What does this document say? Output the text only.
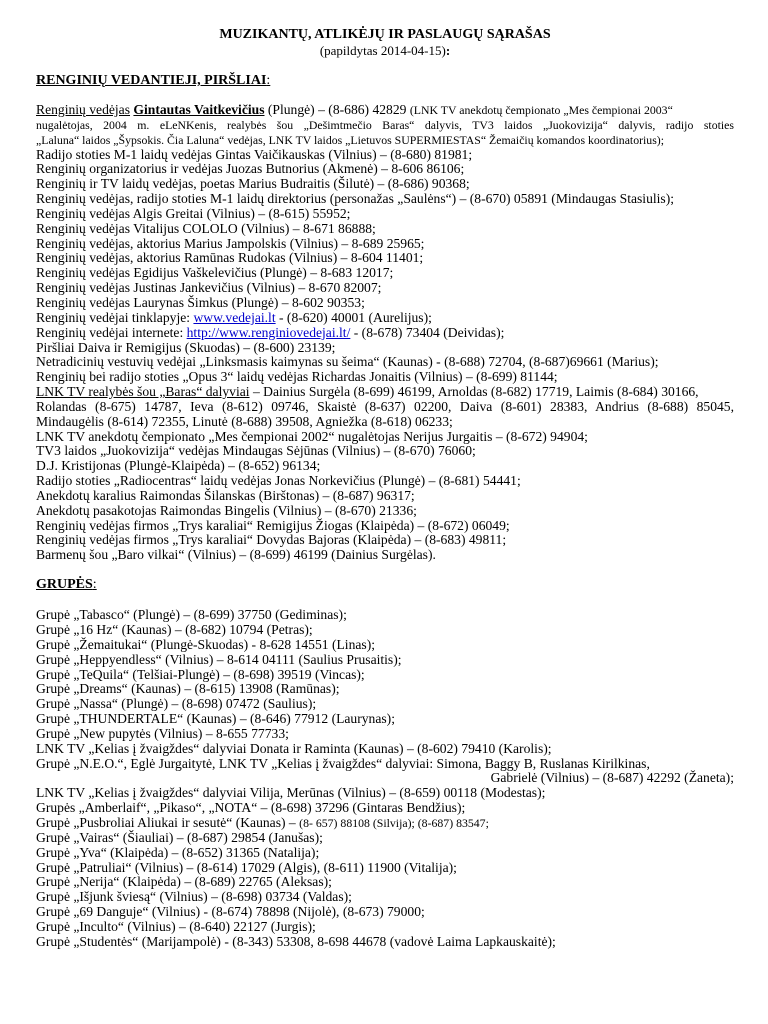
MUZIKANTŲ, ATLIKĖJŲ IR PASLAUGŲ SĄRAŠAS

(papildytas 2014-04-15):

RENGINIŲ VEDANTIEJI, PIRŠLIAI:

Renginių vedėjas Gintautas Vaitkevičius (Plungė) – (8-686) 42829 (LNK TV anekdotų čempionato „Mes čempionai 2003“

nugalėtojas, 2004 m. eLeNKenis, realybės šou „Dešimtmečio Baras“ dalyvis, TV3 laidos „Juokovizija“ dalyvis, radijo stoties

„Laluna“ laidos „Šypsokis. Čia Laluna“ vedėjas, LNK TV laidos „Lietuvos SUPERMIESTAS“ Žemaičių komandos koordinatorius);

Radijo stoties M-1 laidų vedėjas Gintas Vaičikauskas (Vilnius) – (8-680) 81981;

Renginių organizatorius ir vedėjas Juozas Butnorius (Akmenė) – 8-606 86106;

Renginių ir TV laidų vedėjas, poetas Marius Budraitis (Šilutė) – (8-686) 90368;

Renginių vedėjas, radijo stoties M-1 laidų direktorius (personažas „Saulėns“) – (8-670) 05891 (Mindaugas Stasiulis);

Renginių vedėjas Algis Greitai (Vilnius) – (8-615) 55952;

Renginių vedėjas Vitalijus COLOLO (Vilnius) – 8-671 86888;

Renginių vedėjas, aktorius Marius Jampolskis (Vilnius) – 8-689 25965;

Renginių vedėjas, aktorius Ramūnas Rudokas (Vilnius) – 8-604 11401;

Renginių vedėjas Egidijus Vaškelevičius (Plungė) – 8-683 12017;

Renginių vedėjas Justinas Jankevičius (Vilnius) – 8-670 82007;

Renginių vedėjas Laurynas Šimkus (Plungė) – 8-602 90353;

Renginių vedėjai tinklapyje: www.vedejai.lt - (8-620) 40001 (Aurelijus);

Renginių vedėjai internete: http://www.renginiovedejai.lt/ - (8-678) 73404 (Deividas);

Piršliai Daiva ir Remigijus (Skuodas) – (8-600) 23139;

Netradicinių vestuvių vedėjai „Linksmasis kaimynas su šeima“ (Kaunas) - (8-688) 72704, (8-687)69661 (Marius);

Renginių bei radijo stoties „Opus 3“ laidų vedėjas Richardas Jonaitis (Vilnius) – (8-699) 81144;

LNK TV realybės šou „Baras“ dalyviai – Dainius Surgėla (8-699) 46199, Arnoldas (8-682) 17719, Laimis (8-684) 30166,

Rolandas (8-675) 14787, Ieva (8-612) 09746, Skaistė (8-637) 02200, Daiva (8-601) 28383, Andrius (8-688) 85045,

Mindaugėlis (8-614) 72355, Linutė (8-688) 39508, Agniežka (8-618) 06233;

LNK TV anekdotų čempionato „Mes čempionai 2002“ nugalėtojas Nerijus Jurgaitis – (8-672) 94904;

TV3 laidos „Juokovizija“ vedėjas Mindaugas Sėjūnas (Vilnius) – (8-670) 76060;

D.J. Kristijonas (Plungė-Klaipėda) – (8-652) 96134;

Radijo stoties „Radiocentras“ laidų vedėjas Jonas Norkevičius (Plungė) – (8-681) 54441;

Anekdotų karalius Raimondas Šilanskas (Birštonas) – (8-687) 96317;

Anekdotų pasakotojas Raimondas Bingelis (Vilnius) – (8-670) 21336;

Renginių vedėjas firmos „Trys karaliai“ Remigijus Žiogas (Klaipėda) – (8-672) 06049;

Renginių vedėjas firmos „Trys karaliai“ Dovydas Bajoras (Klaipėda) – (8-683) 49811;

Barmenų šou „Baro vilkai“ (Vilnius) – (8-699) 46199 (Dainius Surgėlas).

GRUPĖS:

Grupė „Tabasco“ (Plungė) – (8-699) 37750 (Gediminas);

Grupė „16 Hz“ (Kaunas) – (8-682) 10794 (Petras);

Grupė „Žemaitukai“ (Plungė-Skuodas) - 8-628 14551 (Linas);

Grupė „Heppyendless“ (Vilnius) – 8-614 04111 (Saulius Prusaitis);

Grupė „TeQuila“ (Telšiai-Plungė) – (8-698) 39519 (Vincas);

Grupė „Dreams“ (Kaunas) – (8-615) 13908 (Ramūnas);

Grupė „Nassa“ (Plungė) – (8-698) 07472 (Saulius);

Grupė „THUNDERTALE“ (Kaunas) – (8-646) 77912 (Laurynas);

Grupė „New pupytės (Vilnius) – 8-655 77733;

LNK TV „Kelias į žvaigždes“ dalyviai Donata ir Raminta (Kaunas) – (8-602) 79410 (Karolis);

Grupė „N.E.O.“, Eglė Jurgaitytė, LNK TV „Kelias į žvaigždes“ dalyviai: Simona, Baggy B, Ruslanas Kirilkinas,

Gabrielė (Vilnius) – (8-687) 42292 (Žaneta);

LNK TV „Kelias į žvaigždes“ dalyviai Vilija, Merūnas (Vilnius) – (8-659) 00118 (Modestas);

Grupės „Amberlaif“, „Pikaso“, „NOTA“ – (8-698) 37296 (Gintaras Bendžius);

Grupė „Pusbroliai Aliukai ir sesutė“ (Kaunas) – (8- 657) 88108 (Silvija); (8-687) 83547;

Grupė „Vairas“ (Šiauliai) – (8-687) 29854 (Janušas);

Grupė „Yva“ (Klaipėda) – (8-652) 31365 (Natalija);

Grupė „Patruliai“ (Vilnius) – (8-614) 17029 (Algis), (8-611) 11900 (Vitalija);

Grupė „Nerija“ (Klaipėda) – (8-689) 22765 (Aleksas);

Grupė „Išjunk šviesą“ (Vilnius) – (8-698) 03734 (Valdas);

Grupė „69 Danguje“ (Vilnius) - (8-674) 78898 (Nijolė), (8-673) 79000;

Grupė „Inculto“ (Vilnius) – (8-640) 22127 (Jurgis);

Grupė „Studentės“ (Marijampolė) - (8-343) 53308, 8-698 44678 (vadovė Laima Lapkauskaitė);
